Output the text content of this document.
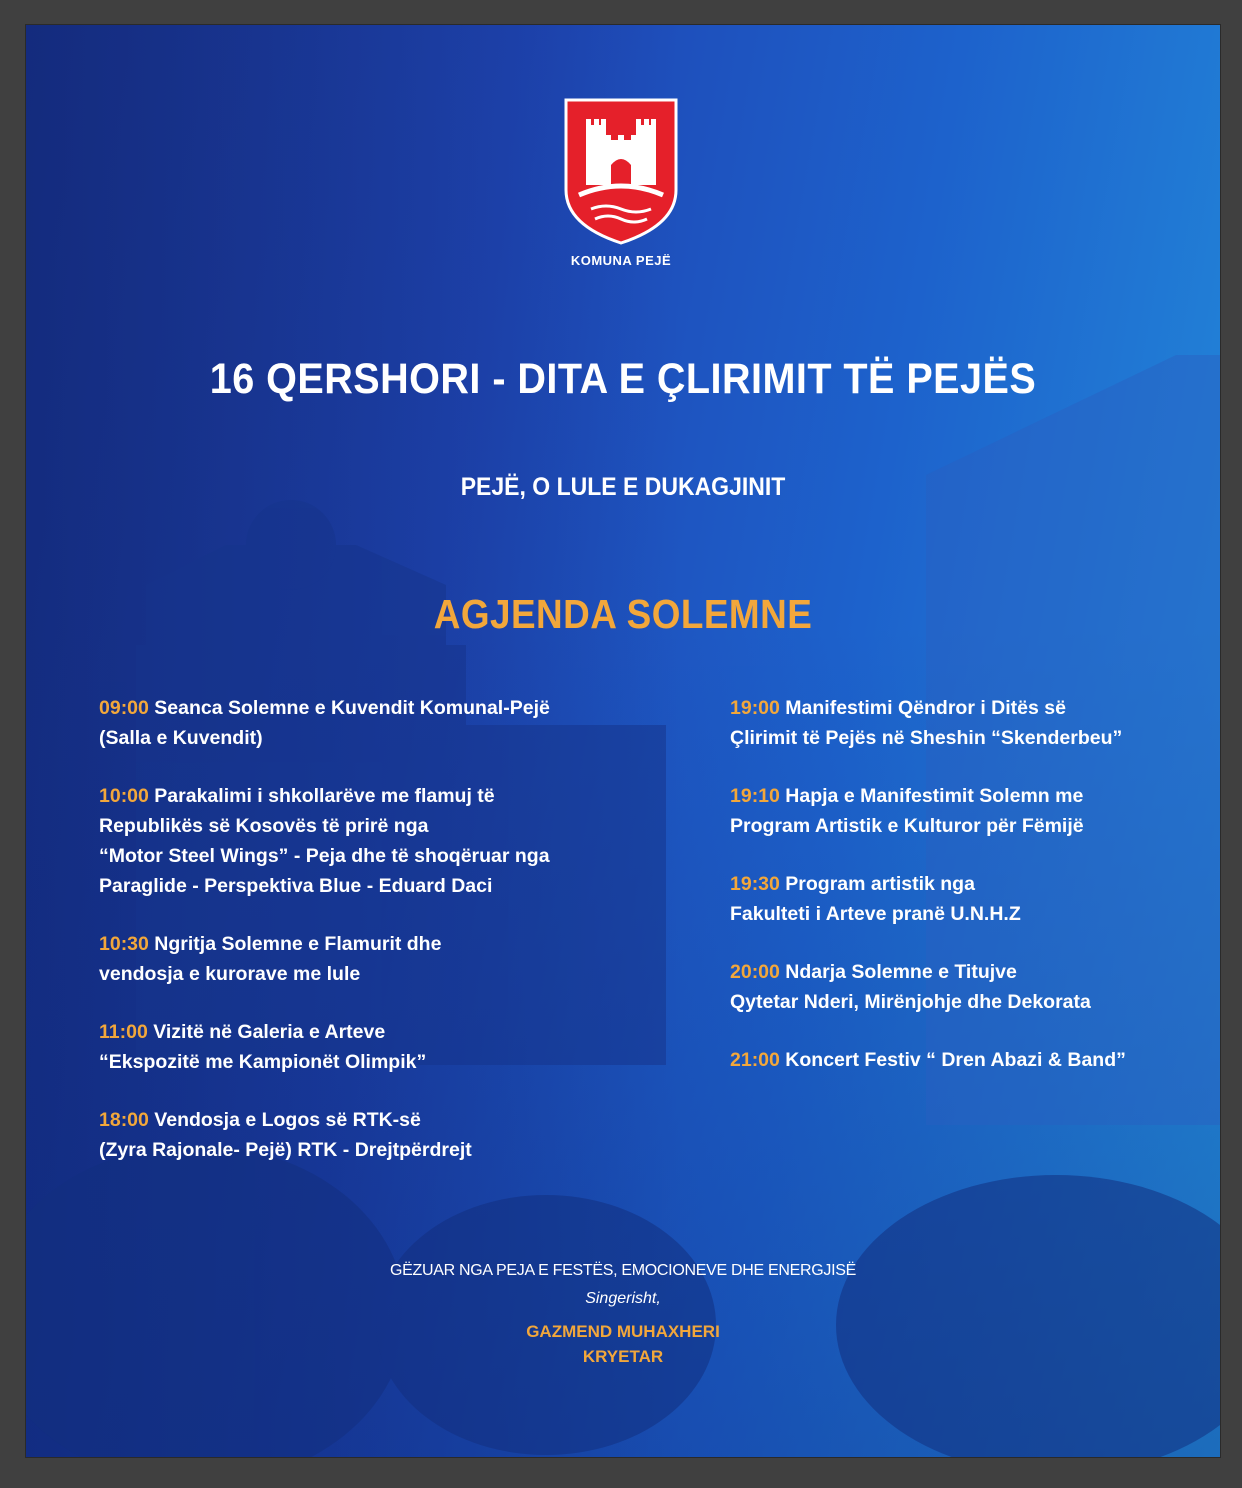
KOMUNA PEJË
16 QERSHORI - DITA E ÇLIRIMIT TË PEJËS
PEJË, O LULE E DUKAGJINIT
AGJENDA SOLEMNE
09:00 Seanca Solemne e Kuvendit Komunal-Pejë
(Salla e Kuvendit)
10:00 Parakalimi i shkollarëve me flamuj të
Republikës së Kosovës të prirë nga
“Motor Steel Wings” - Peja dhe të shoqëruar nga
Paraglide - Perspektiva Blue - Eduard Daci
10:30 Ngritja Solemne e Flamurit dhe
vendosja e kurorave me lule
11:00 Vizitë në Galeria e Arteve
“Ekspozitë me Kampionët Olimpik”
18:00 Vendosja e Logos së RTK-së
(Zyra Rajonale- Pejë) RTK - Drejtpërdrejt
19:00 Manifestimi Qëndror i Ditës së
Çlirimit të Pejës në Sheshin “Skenderbeu”
19:10 Hapja e Manifestimit Solemn me
Program Artistik e Kulturor për Fëmijë
19:30 Program artistik nga
Fakulteti i Arteve pranë U.N.H.Z
20:00 Ndarja Solemne e Titujve
Qytetar Nderi, Mirënjohje dhe Dekorata
21:00 Koncert Festiv “ Dren Abazi & Band”
GËZUAR NGA PEJA E FESTËS, EMOCIONEVE DHE ENERGJISË
Singerisht,
GAZMEND MUHAXHERI
KRYETAR
